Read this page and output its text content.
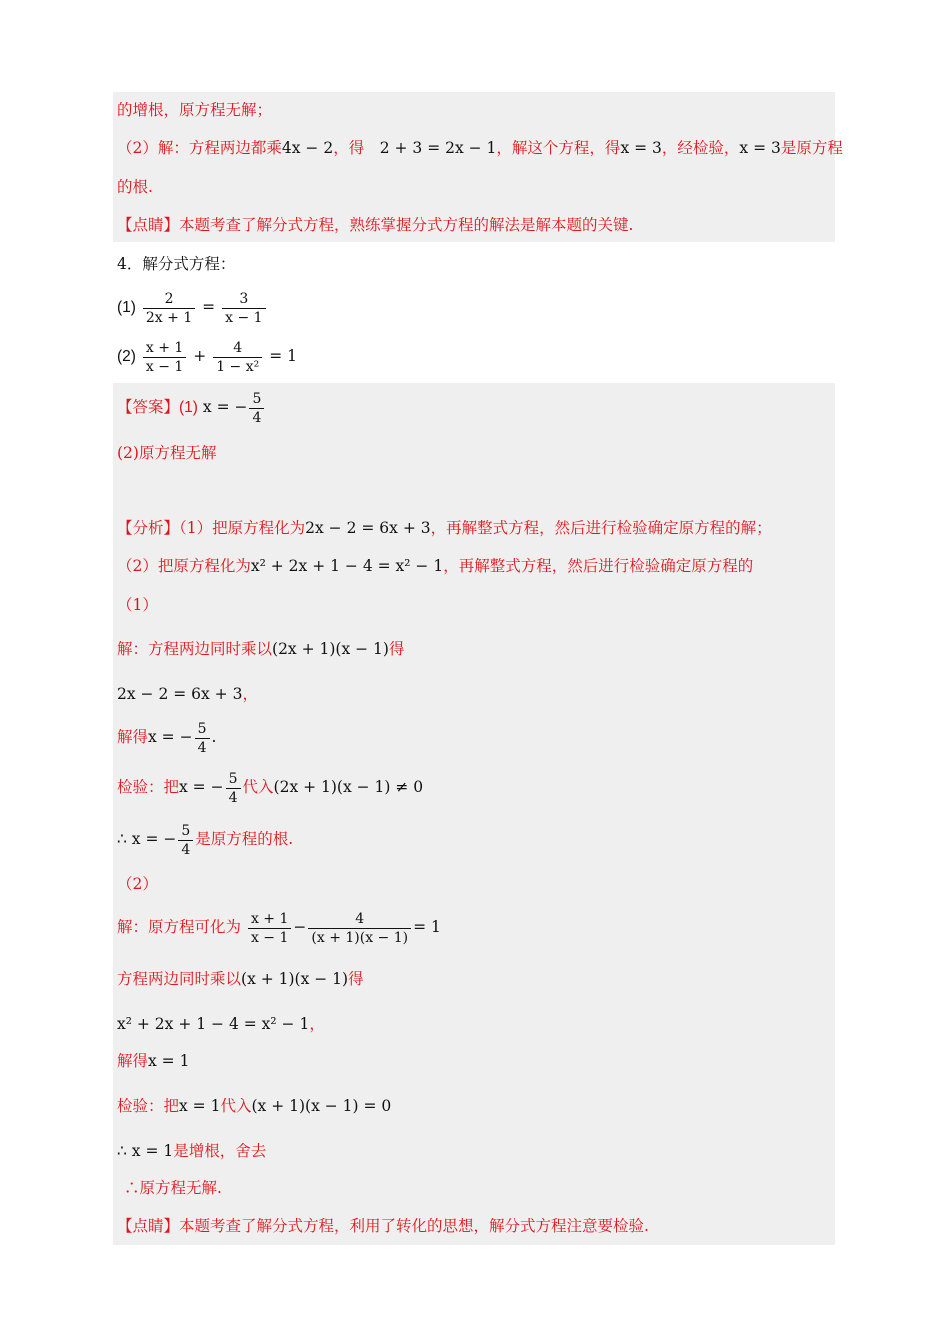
的增根，原方程无解；
（2）解：方程两边都乘4x − 2，得　2 + 3 = 2x − 1，解这个方程，得x = 3，经检验，x = 3是原方程
的根.
【点睛】本题考查了解分式方程，熟练掌握分式方程的解法是解本题的关键.
4．解分式方程：
$(1) \frac{2}{2x + 1} = \frac{3}{x - 1}$
$(2) \frac{x + 1}{x - 1} + \frac{4}{\text{1 − x²}} = 1$
【答案】(1) x = − $\frac{5}{4}$
(2)原方程无解
【分析】（1）把原方程化为2x − 2 = 6x + 3，再解整式方程，然后进行检验确定原方程的解；
（2）把原方程化为x² + 2x + 1 − 4 = x² − 1，再解整式方程，然后进行检验确定原方程的
（1）
解：方程两边同时乘以(2x + 1)(x − 1)得
2x − 2 = 6x + 3，
解得x = − $\frac{5}{4}$ .
检验：把x = − $\frac{5}{4}$ 代入(2x + 1)(x − 1) ≠ 0
∴ x = − $\frac{5}{4}$ 是原方程的根.
（2）
解：原方程可化为 $\frac{x + 1}{x - 1} - \frac{4}{(x + 1)(x - 1)} = 1$
方程两边同时乘以(x + 1)(x − 1)得
x² + 2x + 1 − 4 = x² − 1，
解得x = 1
检验：把x = 1代入(x + 1)(x − 1) = 0
∴ x = 1是增根，舍去
∴原方程无解.
【点睛】本题考查了解分式方程，利用了转化的思想，解分式方程注意要检验.
